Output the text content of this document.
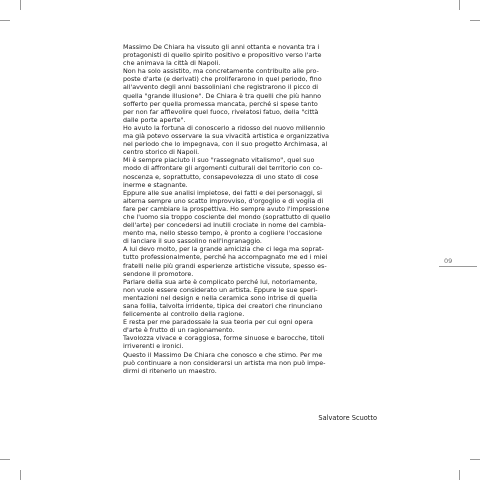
Massimo De Chiara ha vissuto gli anni ottanta e novanta tra i

protagonisti di quello spirito positivo e propositivo verso l'arte

che animava la città di Napoli.

Non ha solo assistito, ma concretamente contribuito alle pro-

poste d'arte (e derivati) che proliferarono in quel periodo, fino

all'avvento degli anni bassoliniani che registrarono il picco di

quella "grande illusione". De Chiara è tra quelli che più hanno

sofferto per quella promessa mancata, perché si spese tanto

per non far affievolire quel fuoco, rivelatosi fatuo, della "città

dalle porte aperte".

Ho avuto la fortuna di conoscerlo a ridosso del nuovo millennio

ma già potevo osservare la sua vivacità artistica e organizzativa

nel periodo che lo impegnava, con il suo progetto Archimasa, al

centro storico di Napoli.

Mi è sempre piaciuto il suo "rassegnato vitalismo", quel suo

modo di affrontare gli argomenti culturali del territorio con co-

noscenza e, soprattutto, consapevolezza di uno stato di cose

inerme e stagnante.

Eppure alle sue analisi impietose, dei fatti e dei personaggi, si

alterna sempre uno scatto improvviso, d'orgoglio e di voglia di

fare per cambiare la prospettiva. Ho sempre avuto l'impressione

che l'uomo sia troppo cosciente del mondo (soprattutto di quello

dell'arte) per concedersi ad inutili crociate in nome del cambia-

mento ma, nello stesso tempo, è pronto a cogliere l'occasione

di lanciare il suo sassolino nell'ingranaggio.

A lui devo molto, per la grande amicizia che ci lega ma soprat-

tutto professionalmente, perché ha accompagnato me ed i miei

fratelli nelle più grandi esperienze artistiche vissute, spesso es-

sendone il promotore.

Parlare della sua arte è complicato perché lui, notoriamente,

non vuole essere considerato un artista. Eppure le sue speri-

mentazioni nel design e nella ceramica sono intrise di quella

sana follia, talvolta irridente, tipica dei creatori che rinunciano

felicemente al controllo della ragione.

E resta per me paradossale la sua teoria per cui ogni opera

d'arte è frutto di un ragionamento.

Tavolozza vivace e coraggiosa, forme sinuose e barocche, titoli

irriverenti e ironici.

Questo il Massimo De Chiara che conosco e che stimo. Per me

può continuare a non considerarsi un artista ma non può impe-

dirmi di ritenerlo un maestro.

Salvatore Scuotto
09
